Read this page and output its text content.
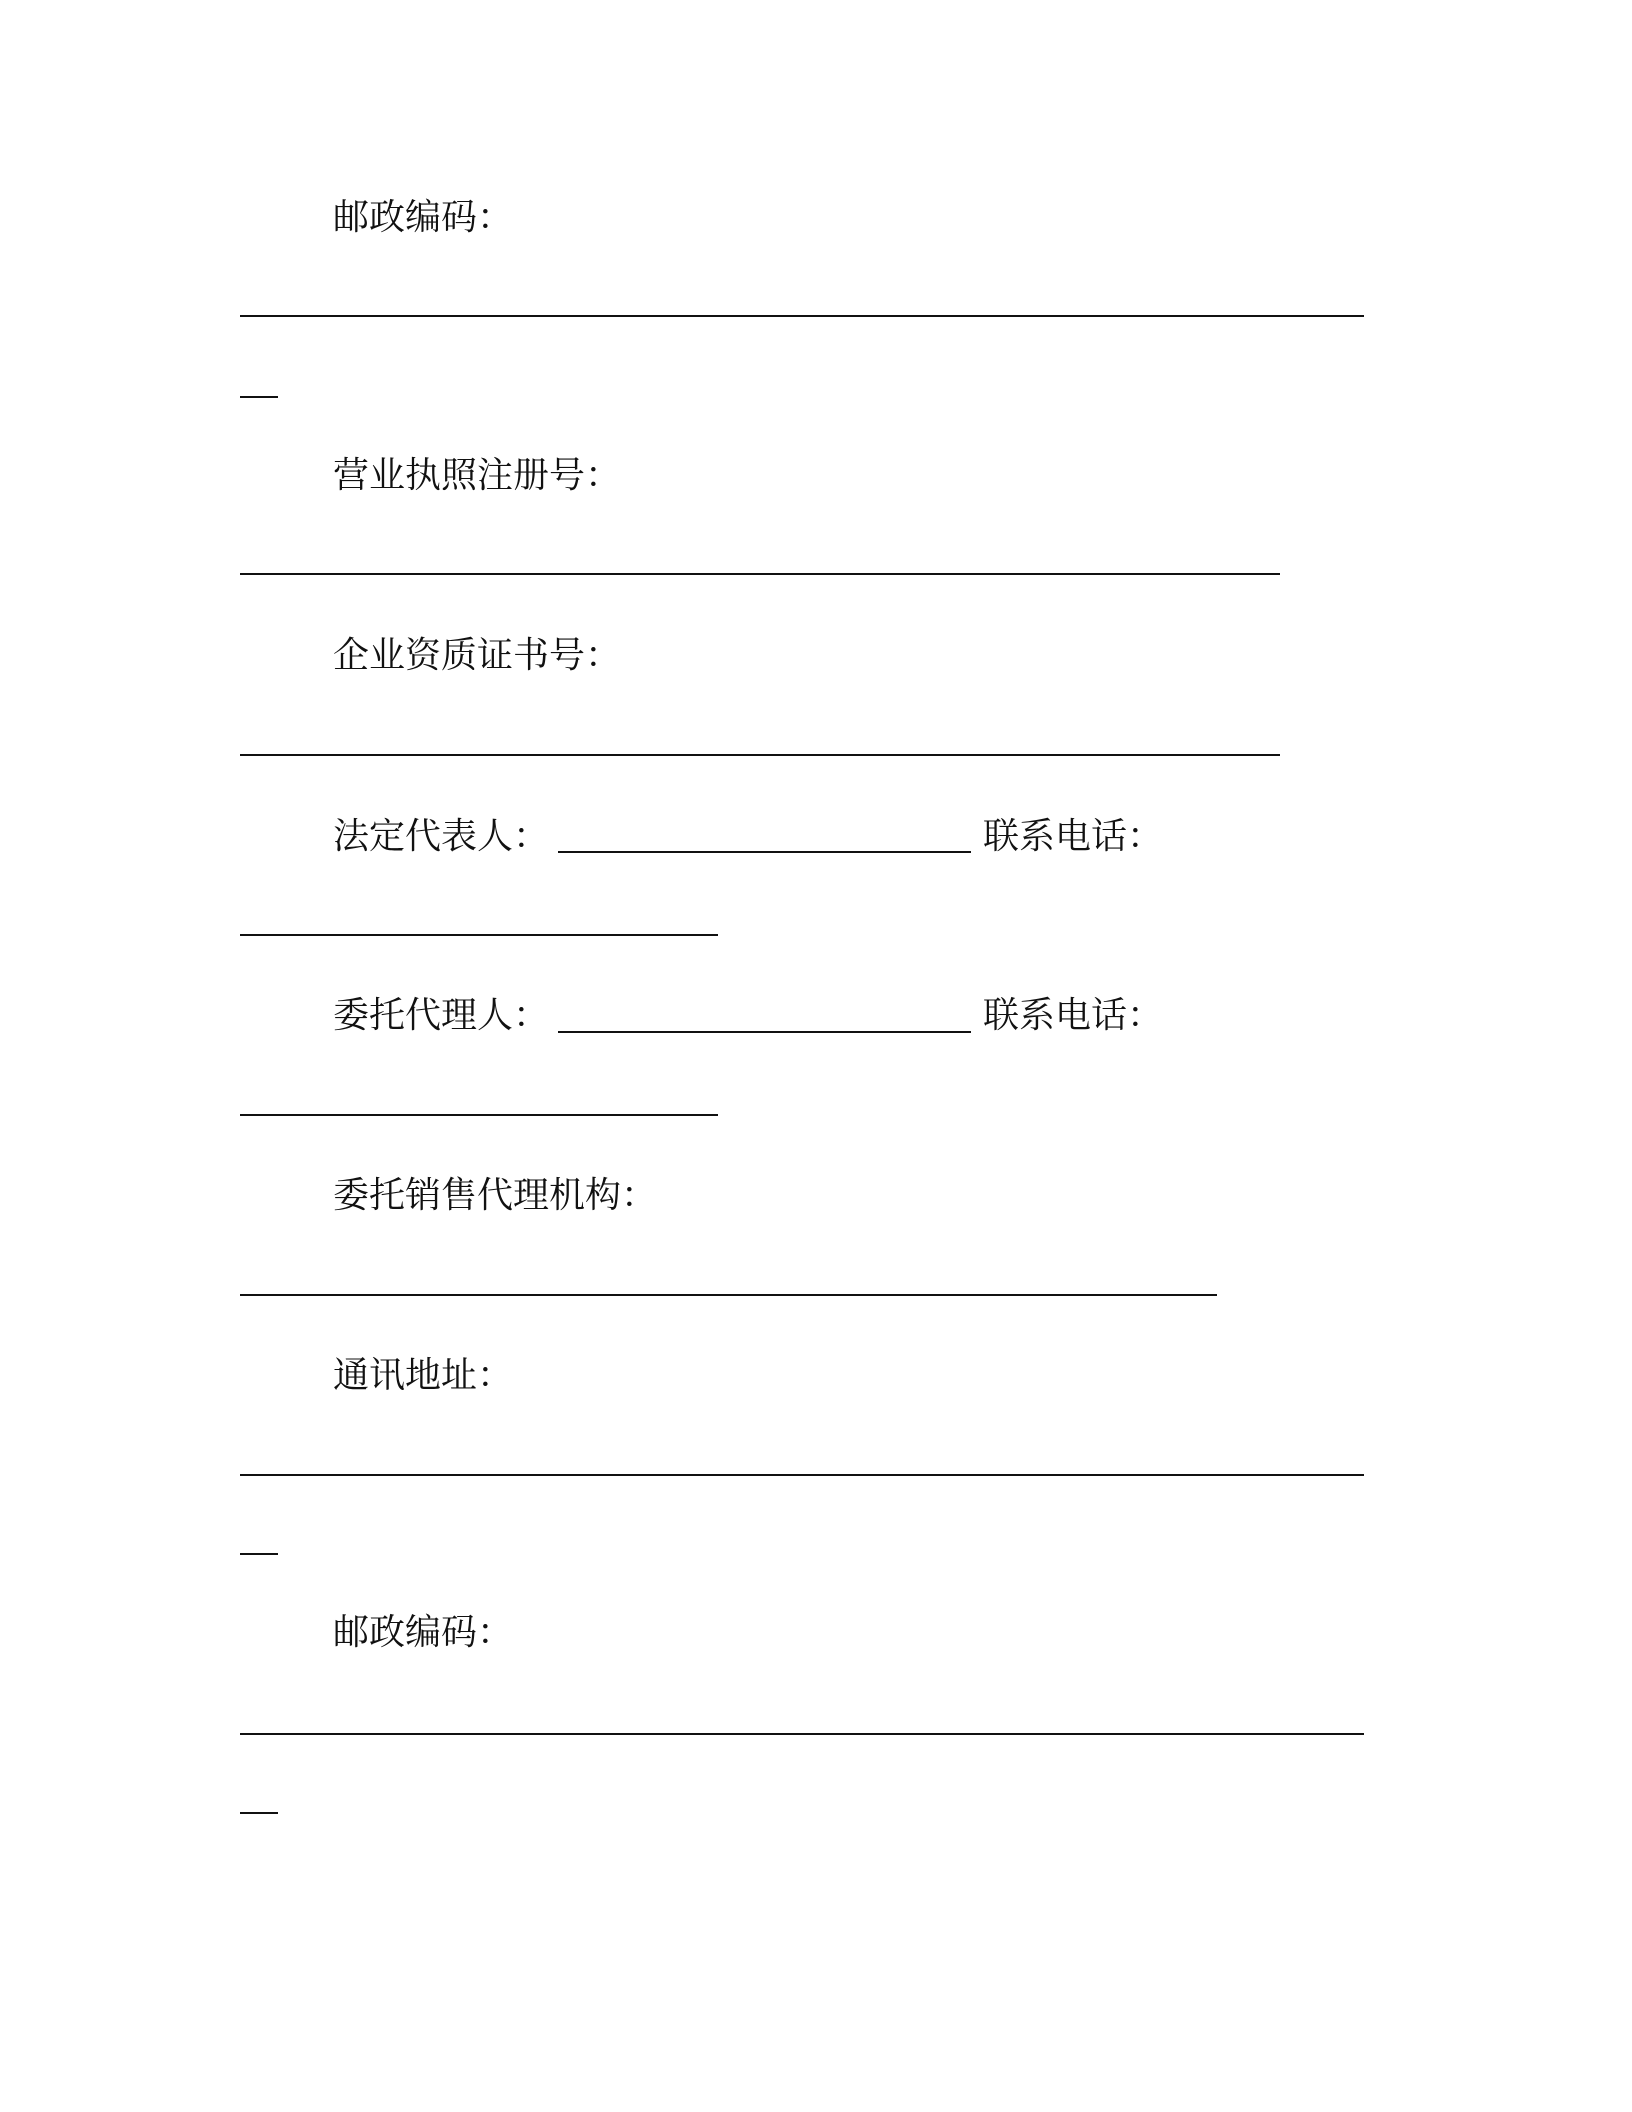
邮政编码：
营业执照注册号：
企业资质证书号：
法定代表人：	联系电话：
委托代理人：	联系电话：
委托销售代理机构：
通讯地址：
邮政编码：
